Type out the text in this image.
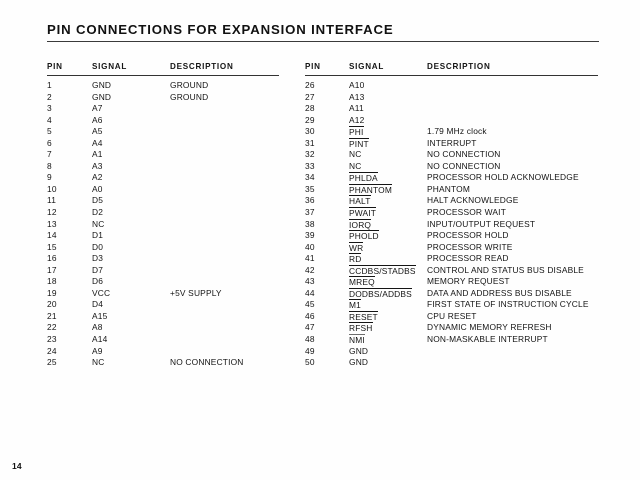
PIN CONNECTIONS FOR EXPANSION INTERFACE
PIN	SIGNAL	DESCRIPTION
1	GND	GROUND
2	GND	GROUND
3	A7
4	A6
5	A5
6	A4
7	A1
8	A3
9	A2
10	A0
11	D5
12	D2
13	NC
14	D1
15	D0
16	D3
17	D7
18	D6
19	VCC	+5V SUPPLY
20	D4
21	A15
22	A8
23	A14
24	A9
25	NC	NO CONNECTION
PIN	SIGNAL	DESCRIPTION
26	A10
27	A13
28	A11
29	A12
30	PHI	1.79 MHz clock
31	PINT	INTERRUPT
32	NC	NO CONNECTION
33	NC	NO CONNECTION
34	PHLDA	PROCESSOR HOLD ACKNOWLEDGE
35	PHANTOM	PHANTOM
36	HALT	HALT ACKNOWLEDGE
37	PWAIT	PROCESSOR WAIT
38	IORQ	INPUT/OUTPUT REQUEST
39	PHOLD	PROCESSOR HOLD
40	WR	PROCESSOR WRITE
41	RD	PROCESSOR READ
42	CCDBS/STADBS	CONTROL AND STATUS BUS DISABLE
43	MREQ	MEMORY REQUEST
44	DODBS/ADDBS	DATA AND ADDRESS BUS DISABLE
45	M1	FIRST STATE OF INSTRUCTION CYCLE
46	RESET	CPU RESET
47	RFSH	DYNAMIC MEMORY REFRESH
48	NMI	NON-MASKABLE INTERRUPT
49	GND
50	GND
14
